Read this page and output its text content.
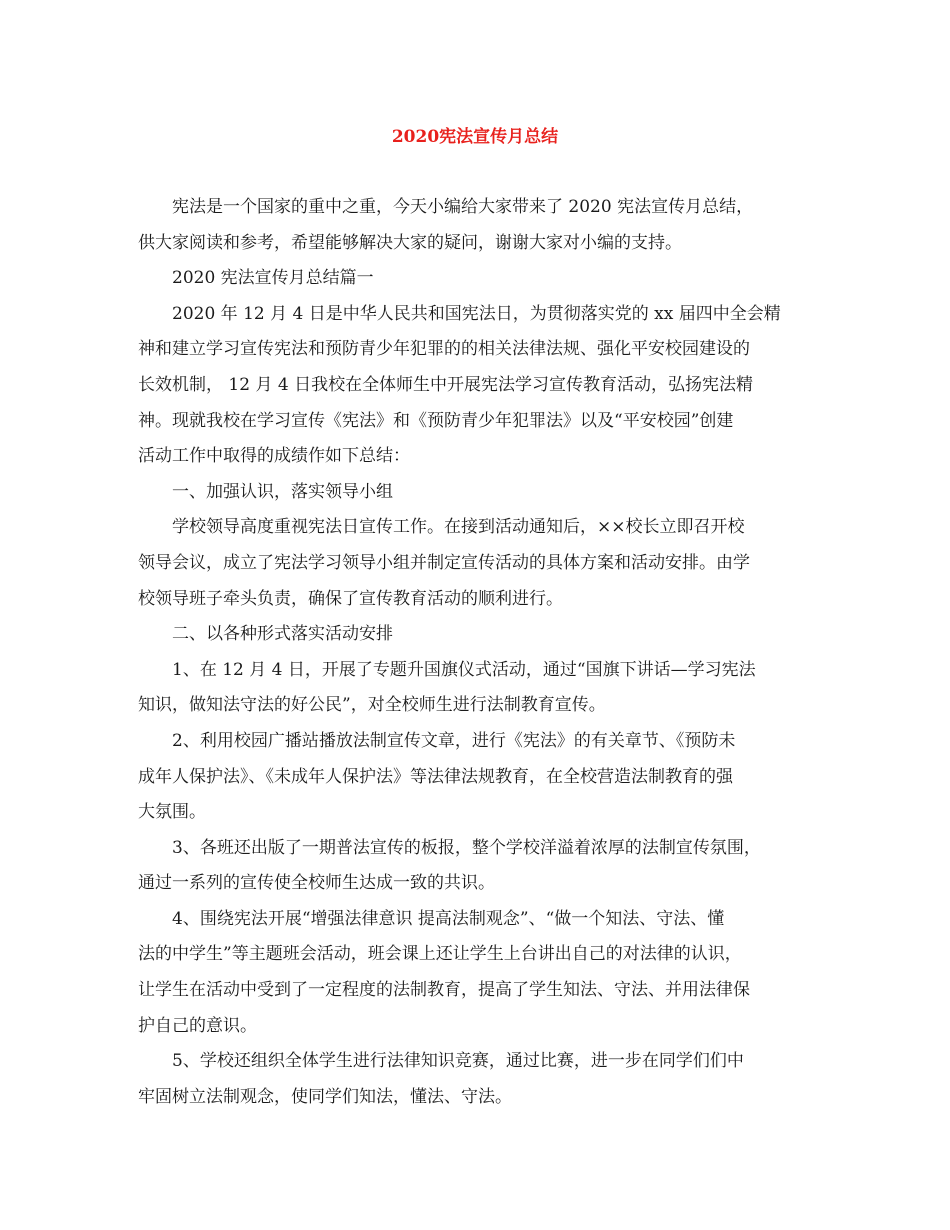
2020宪法宣传月总结

宪法是一个国家的重中之重，今天小编给大家带来了 2020 宪法宣传月总结，
供大家阅读和参考，希望能够解决大家的疑问，谢谢大家对小编的支持。

2020 宪法宣传月总结篇一

2020 年 12 月 4 日是中华人民共和国宪法日，为贯彻落实党的 xx 届四中全会精
神和建立学习宣传宪法和预防青少年犯罪的的相关法律法规、强化平安校园建设的
长效机制， 12 月 4 日我校在全体师生中开展宪法学习宣传教育活动，弘扬宪法精
神。现就我校在学习宣传《宪法》和《预防青少年犯罪法》以及“平安校园”创建
活动工作中取得的成绩作如下总结：

一、加强认识，落实领导小组

学校领导高度重视宪法日宣传工作。在接到活动通知后，××校长立即召开校
领导会议，成立了宪法学习领导小组并制定宣传活动的具体方案和活动安排。由学
校领导班子牵头负责，确保了宣传教育活动的顺利进行。

二、以各种形式落实活动安排

1、在 12 月 4 日，开展了专题升国旗仪式活动，通过“国旗下讲话—学习宪法
知识，做知法守法的好公民”，对全校师生进行法制教育宣传。

2、利用校园广播站播放法制宣传文章，进行《宪法》的有关章节、《预防未
成年人保护法》、《未成年人保护法》等法律法规教育，在全校营造法制教育的强
大氛围。

3、各班还出版了一期普法宣传的板报，整个学校洋溢着浓厚的法制宣传氛围，
通过一系列的宣传使全校师生达成一致的共识。

4、围绕宪法开展“增强法律意识 提高法制观念”、“做一个知法、守法、懂
法的中学生”等主题班会活动，班会课上还让学生上台讲出自己的对法律的认识，
让学生在活动中受到了一定程度的法制教育，提高了学生知法、守法、并用法律保
护自己的意识。

5、学校还组织全体学生进行法律知识竞赛，通过比赛，进一步在同学们们中
牢固树立法制观念，使同学们知法，懂法、守法。
